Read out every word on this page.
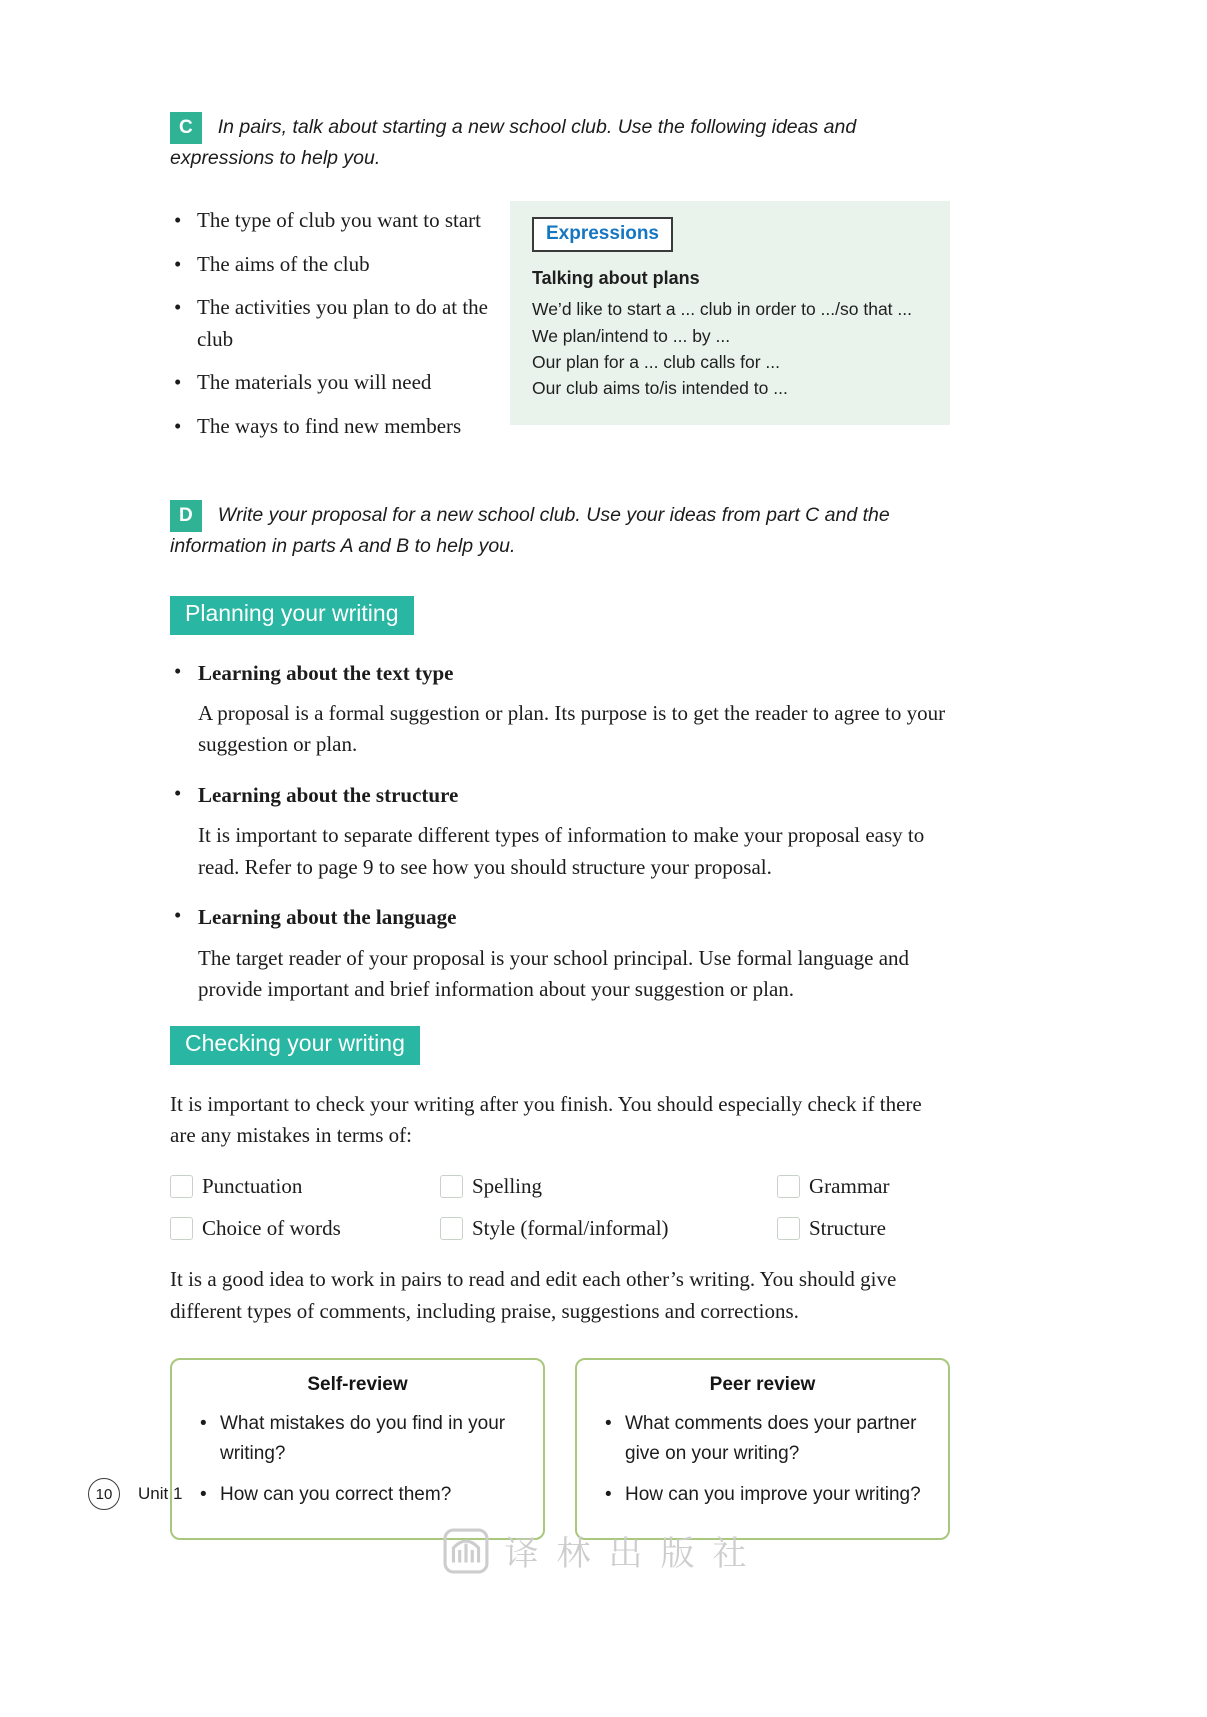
C In pairs, talk about starting a new school club. Use the following ideas and expressions to help you.

• The type of club you want to start
• The aims of the club
• The activities you plan to do at the club
• The materials you will need
• The ways to find new members
Expressions
Talking about plans
We’d like to start a ... club in order to .../so that ...
We plan/intend to ... by ...
Our plan for a ... club calls for ...
Our club aims to/is intended to ...

D Write your proposal for a new school club. Use your ideas from part C and the information in parts A and B to help you.

Planning your writing
• Learning about the text type

A proposal is a formal suggestion or plan. Its purpose is to get the reader to agree to your suggestion or plan.

• Learning about the structure

It is important to separate different types of information to make your proposal easy to read. Refer to page 9 to see how you should structure your proposal.

• Learning about the language

The target reader of your proposal is your school principal. Use formal language and provide important and brief information about your suggestion or plan.

Checking your writing

It is important to check your writing after you finish. You should especially check if there are any mistakes in terms of:

Punctuation	Spelling	Grammar
Choice of words	Style (formal/informal)	Structure

It is a good idea to work in pairs to read and edit each other’s writing. You should give different types of comments, including praise, suggestions and corrections.

Self-review
• What mistakes do you find in your writing?
• How can you correct them?
Peer review
• What comments does your partner give on your writing?
• How can you improve your writing?
10	Unit 1
译林出版社
